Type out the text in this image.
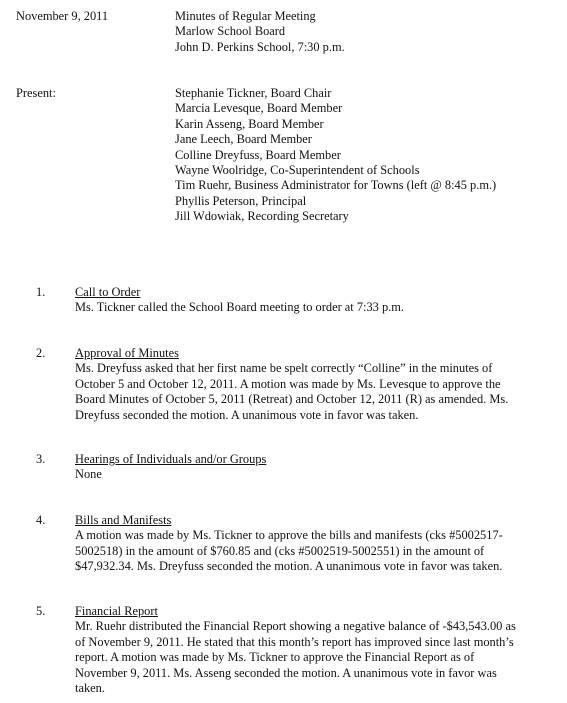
November 9, 2011	Minutes of Regular Meeting
Marlow School Board
John D. Perkins School, 7:30 p.m.
Present:	Stephanie Tickner, Board Chair
Marcia Levesque, Board Member
Karin Asseng, Board Member
Jane Leech, Board Member
Colline Dreyfuss, Board Member
Wayne Woolridge, Co-Superintendent of Schools
Tim Ruehr, Business Administrator for Towns (left @ 8:45 p.m.)
Phyllis Peterson, Principal
Jill Wdowiak, Recording Secretary
1. Call to Order
Ms. Tickner called the School Board meeting to order at 7:33 p.m.
2. Approval of Minutes
Ms. Dreyfuss asked that her first name be spelt correctly “Colline” in the minutes of
October 5 and October 12, 2011. A motion was made by Ms. Levesque to approve the
Board Minutes of October 5, 2011 (Retreat) and October 12, 2011 (R) as amended. Ms.
Dreyfuss seconded the motion. A unanimous vote in favor was taken.
3. Hearings of Individuals and/or Groups
None
4. Bills and Manifests
A motion was made by Ms. Tickner to approve the bills and manifests (cks #5002517-
5002518) in the amount of $760.85 and (cks #5002519-5002551) in the amount of
$47,932.34. Ms. Dreyfuss seconded the motion. A unanimous vote in favor was taken.
5. Financial Report
Mr. Ruehr distributed the Financial Report showing a negative balance of -$43,543.00 as
of November 9, 2011. He stated that this month’s report has improved since last month’s
report. A motion was made by Ms. Tickner to approve the Financial Report as of
November 9, 2011. Ms. Asseng seconded the motion. A unanimous vote in favor was
taken.
